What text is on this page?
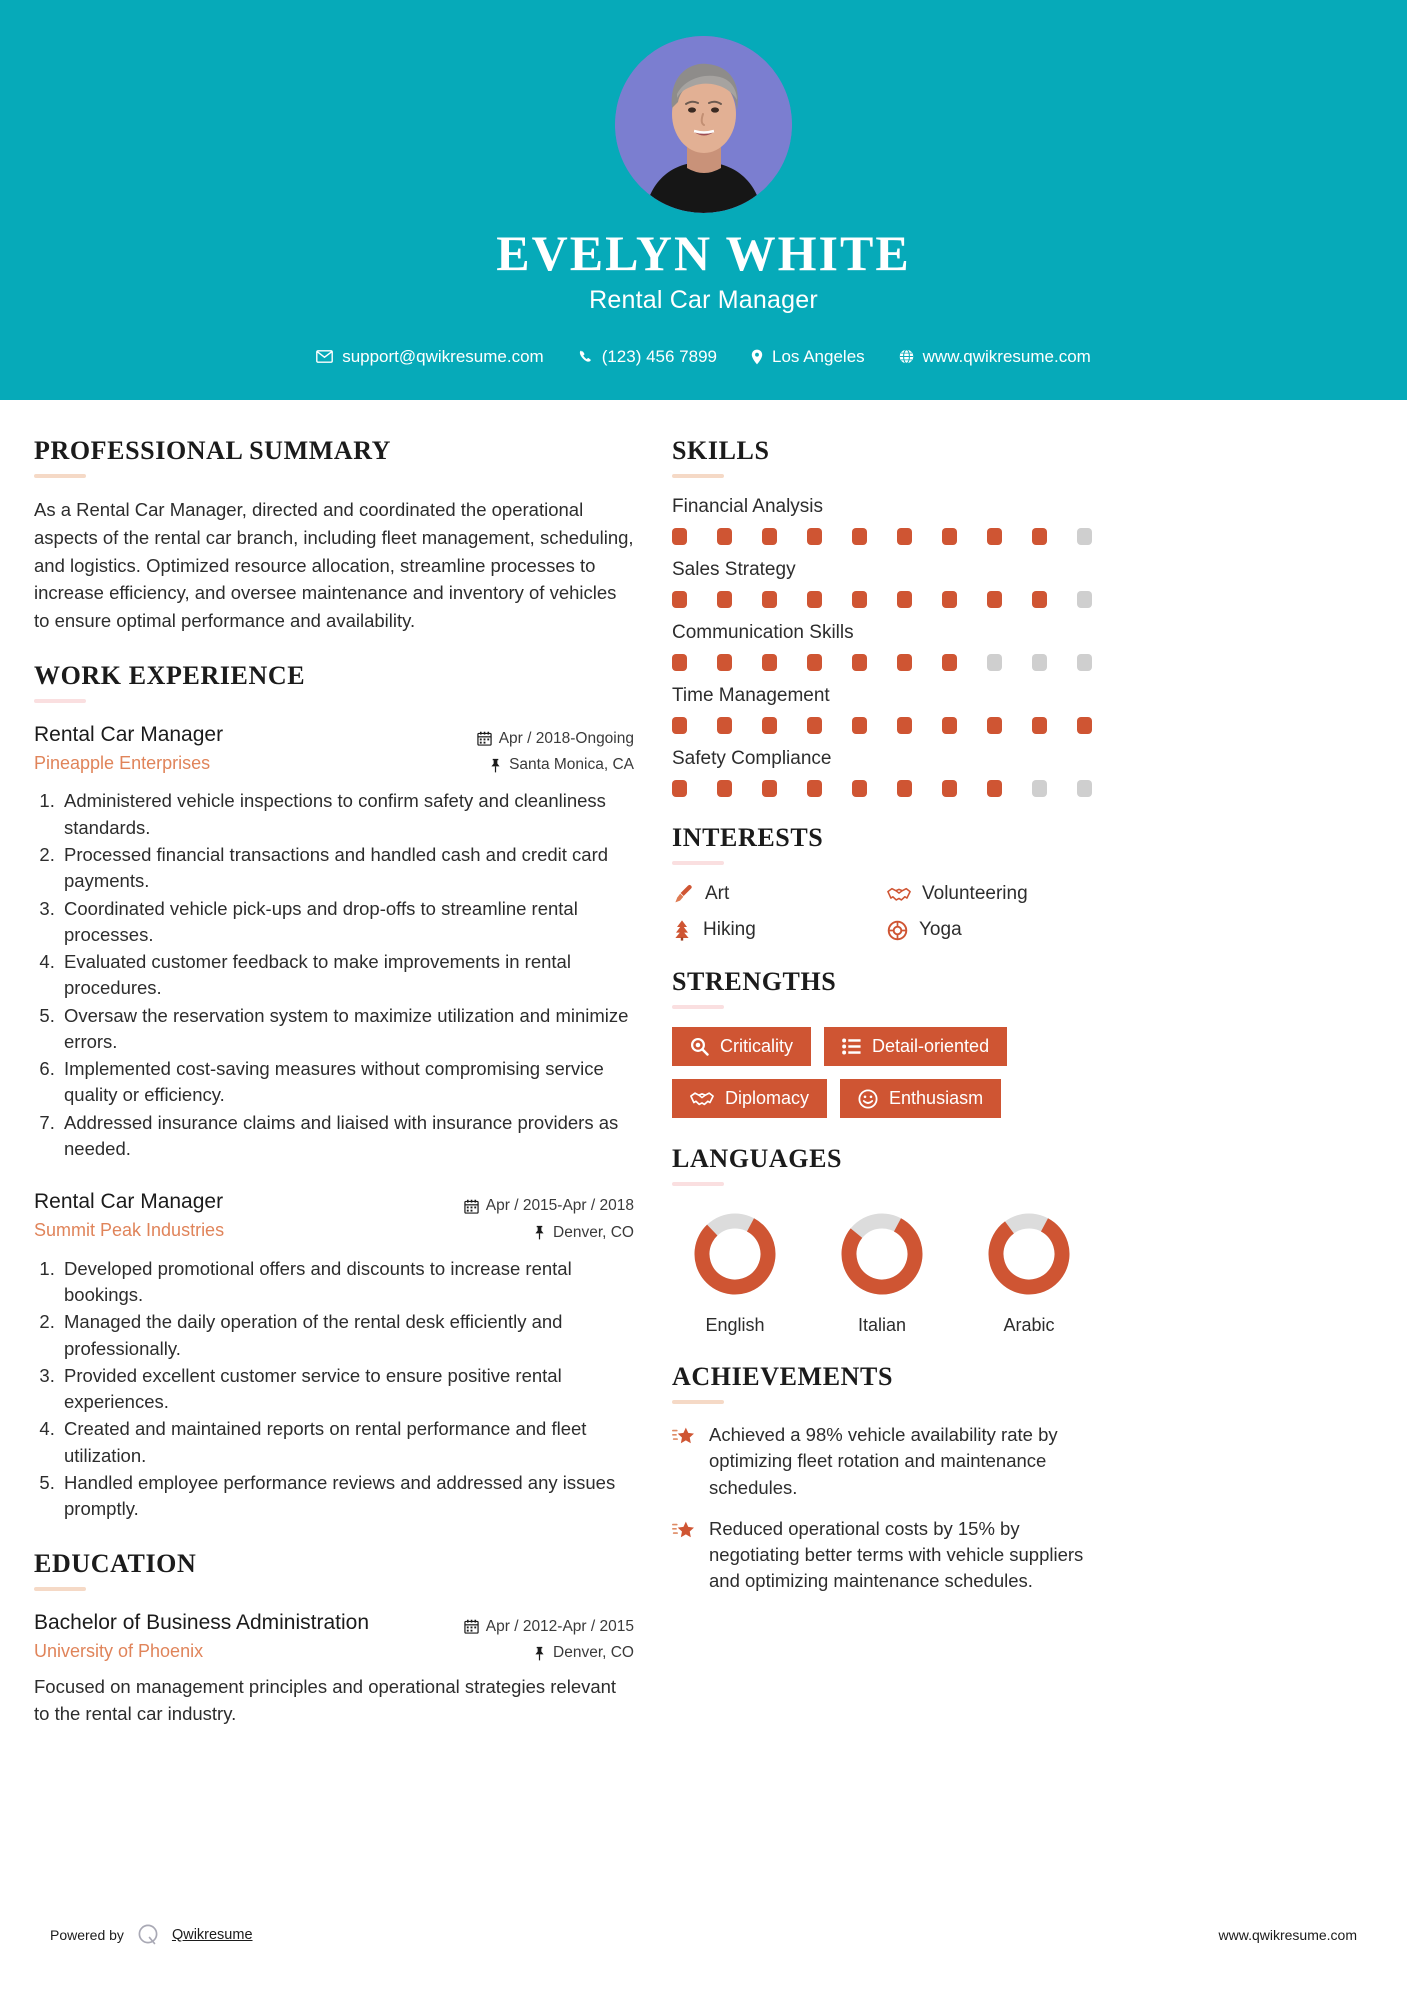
EVELYN WHITE
Rental Car Manager
support@qwikresume.com	(123) 456 7899	Los Angeles	www.qwikresume.com
PROFESSIONAL SUMMARY
As a Rental Car Manager, directed and coordinated the operational aspects of the rental car branch, including fleet management, scheduling, and logistics. Optimized resource allocation, streamline processes to increase efficiency, and oversee maintenance and inventory of vehicles to ensure optimal performance and availability.
WORK EXPERIENCE
Rental Car Manager
Pineapple Enterprises
Apr / 2018-Ongoing
Santa Monica, CA
1. Administered vehicle inspections to confirm safety and cleanliness standards.
2. Processed financial transactions and handled cash and credit card payments.
3. Coordinated vehicle pick-ups and drop-offs to streamline rental processes.
4. Evaluated customer feedback to make improvements in rental procedures.
5. Oversaw the reservation system to maximize utilization and minimize errors.
6. Implemented cost-saving measures without compromising service quality or efficiency.
7. Addressed insurance claims and liaised with insurance providers as needed.
Rental Car Manager
Summit Peak Industries
Apr / 2015-Apr / 2018
Denver, CO
1. Developed promotional offers and discounts to increase rental bookings.
2. Managed the daily operation of the rental desk efficiently and professionally.
3. Provided excellent customer service to ensure positive rental experiences.
4. Created and maintained reports on rental performance and fleet utilization.
5. Handled employee performance reviews and addressed any issues promptly.
EDUCATION
Bachelor of Business Administration
University of Phoenix
Apr / 2012-Apr / 2015
Denver, CO
Focused on management principles and operational strategies relevant to the rental car industry.
SKILLS
Financial Analysis
Sales Strategy
Communication Skills
Time Management
Safety Compliance
INTERESTS
Art	Volunteering
Hiking	Yoga
STRENGTHS
Criticality	Detail-oriented
Diplomacy	Enthusiasm
LANGUAGES
English	Italian	Arabic
ACHIEVEMENTS
Achieved a 98% vehicle availability rate by optimizing fleet rotation and maintenance schedules.
Reduced operational costs by 15% by negotiating better terms with vehicle suppliers and optimizing maintenance schedules.
Powered by	Qwikresume	www.qwikresume.com
